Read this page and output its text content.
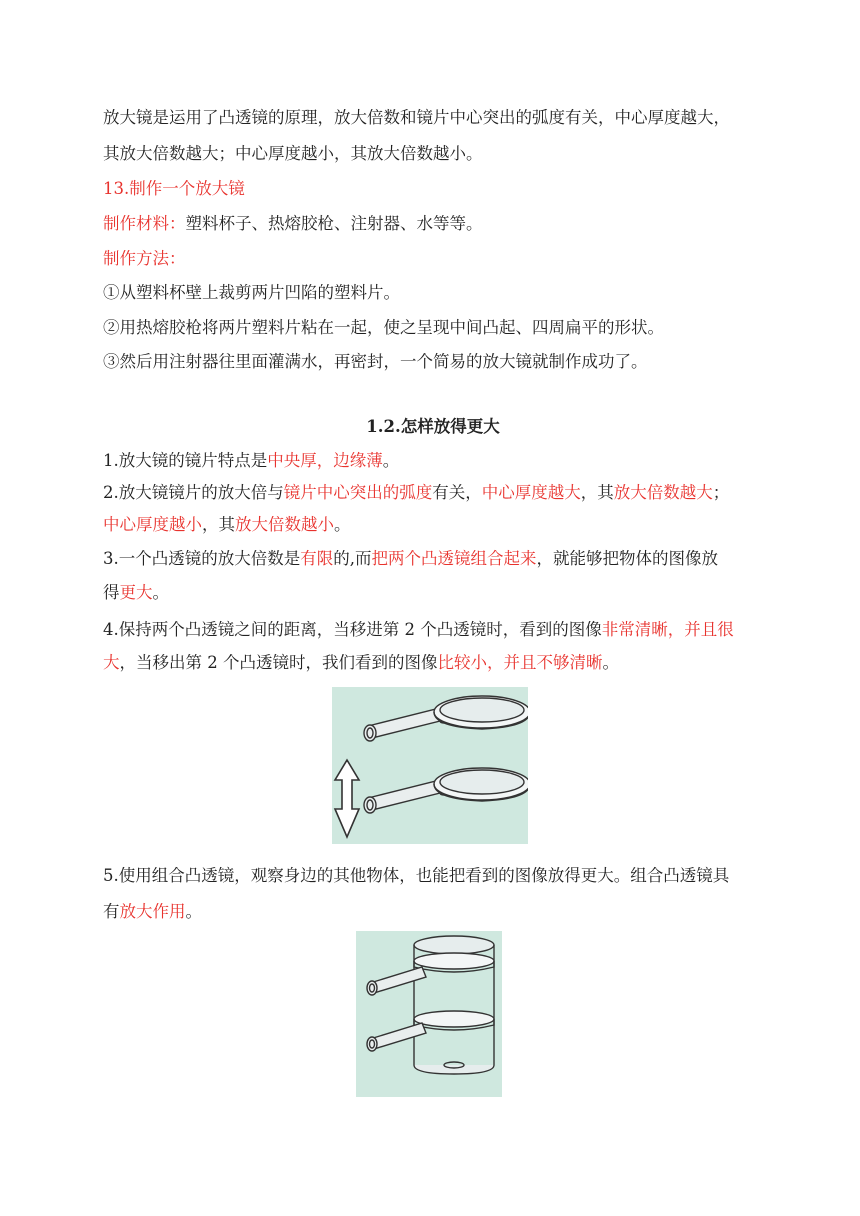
放大镜是运用了凸透镜的原理，放大倍数和镜片中心突出的弧度有关，中心厚度越大，
其放大倍数越大；中心厚度越小，其放大倍数越小。
13.制作一个放大镜
制作材料：塑料杯子、热熔胶枪、注射器、水等等。
制作方法：
①从塑料杯壁上裁剪两片凹陷的塑料片。
②用热熔胶枪将两片塑料片粘在一起，使之呈现中间凸起、四周扁平的形状。
③然后用注射器往里面灌满水，再密封，一个简易的放大镜就制作成功了。
1.2.怎样放得更大
1.放大镜的镜片特点是中央厚，边缘薄。
2.放大镜镜片的放大倍与镜片中心突出的弧度有关，中心厚度越大，其放大倍数越大；
中心厚度越小，其放大倍数越小。
3.一个凸透镜的放大倍数是有限的,而把两个凸透镜组合起来，就能够把物体的图像放
得更大。
4.保持两个凸透镜之间的距离，当移进第 2 个凸透镜时，看到的图像非常清晰，并且很
大，当移出第 2 个凸透镜时，我们看到的图像比较小，并且不够清晰。
5.使用组合凸透镜，观察身边的其他物体，也能把看到的图像放得更大。组合凸透镜具
有放大作用。
